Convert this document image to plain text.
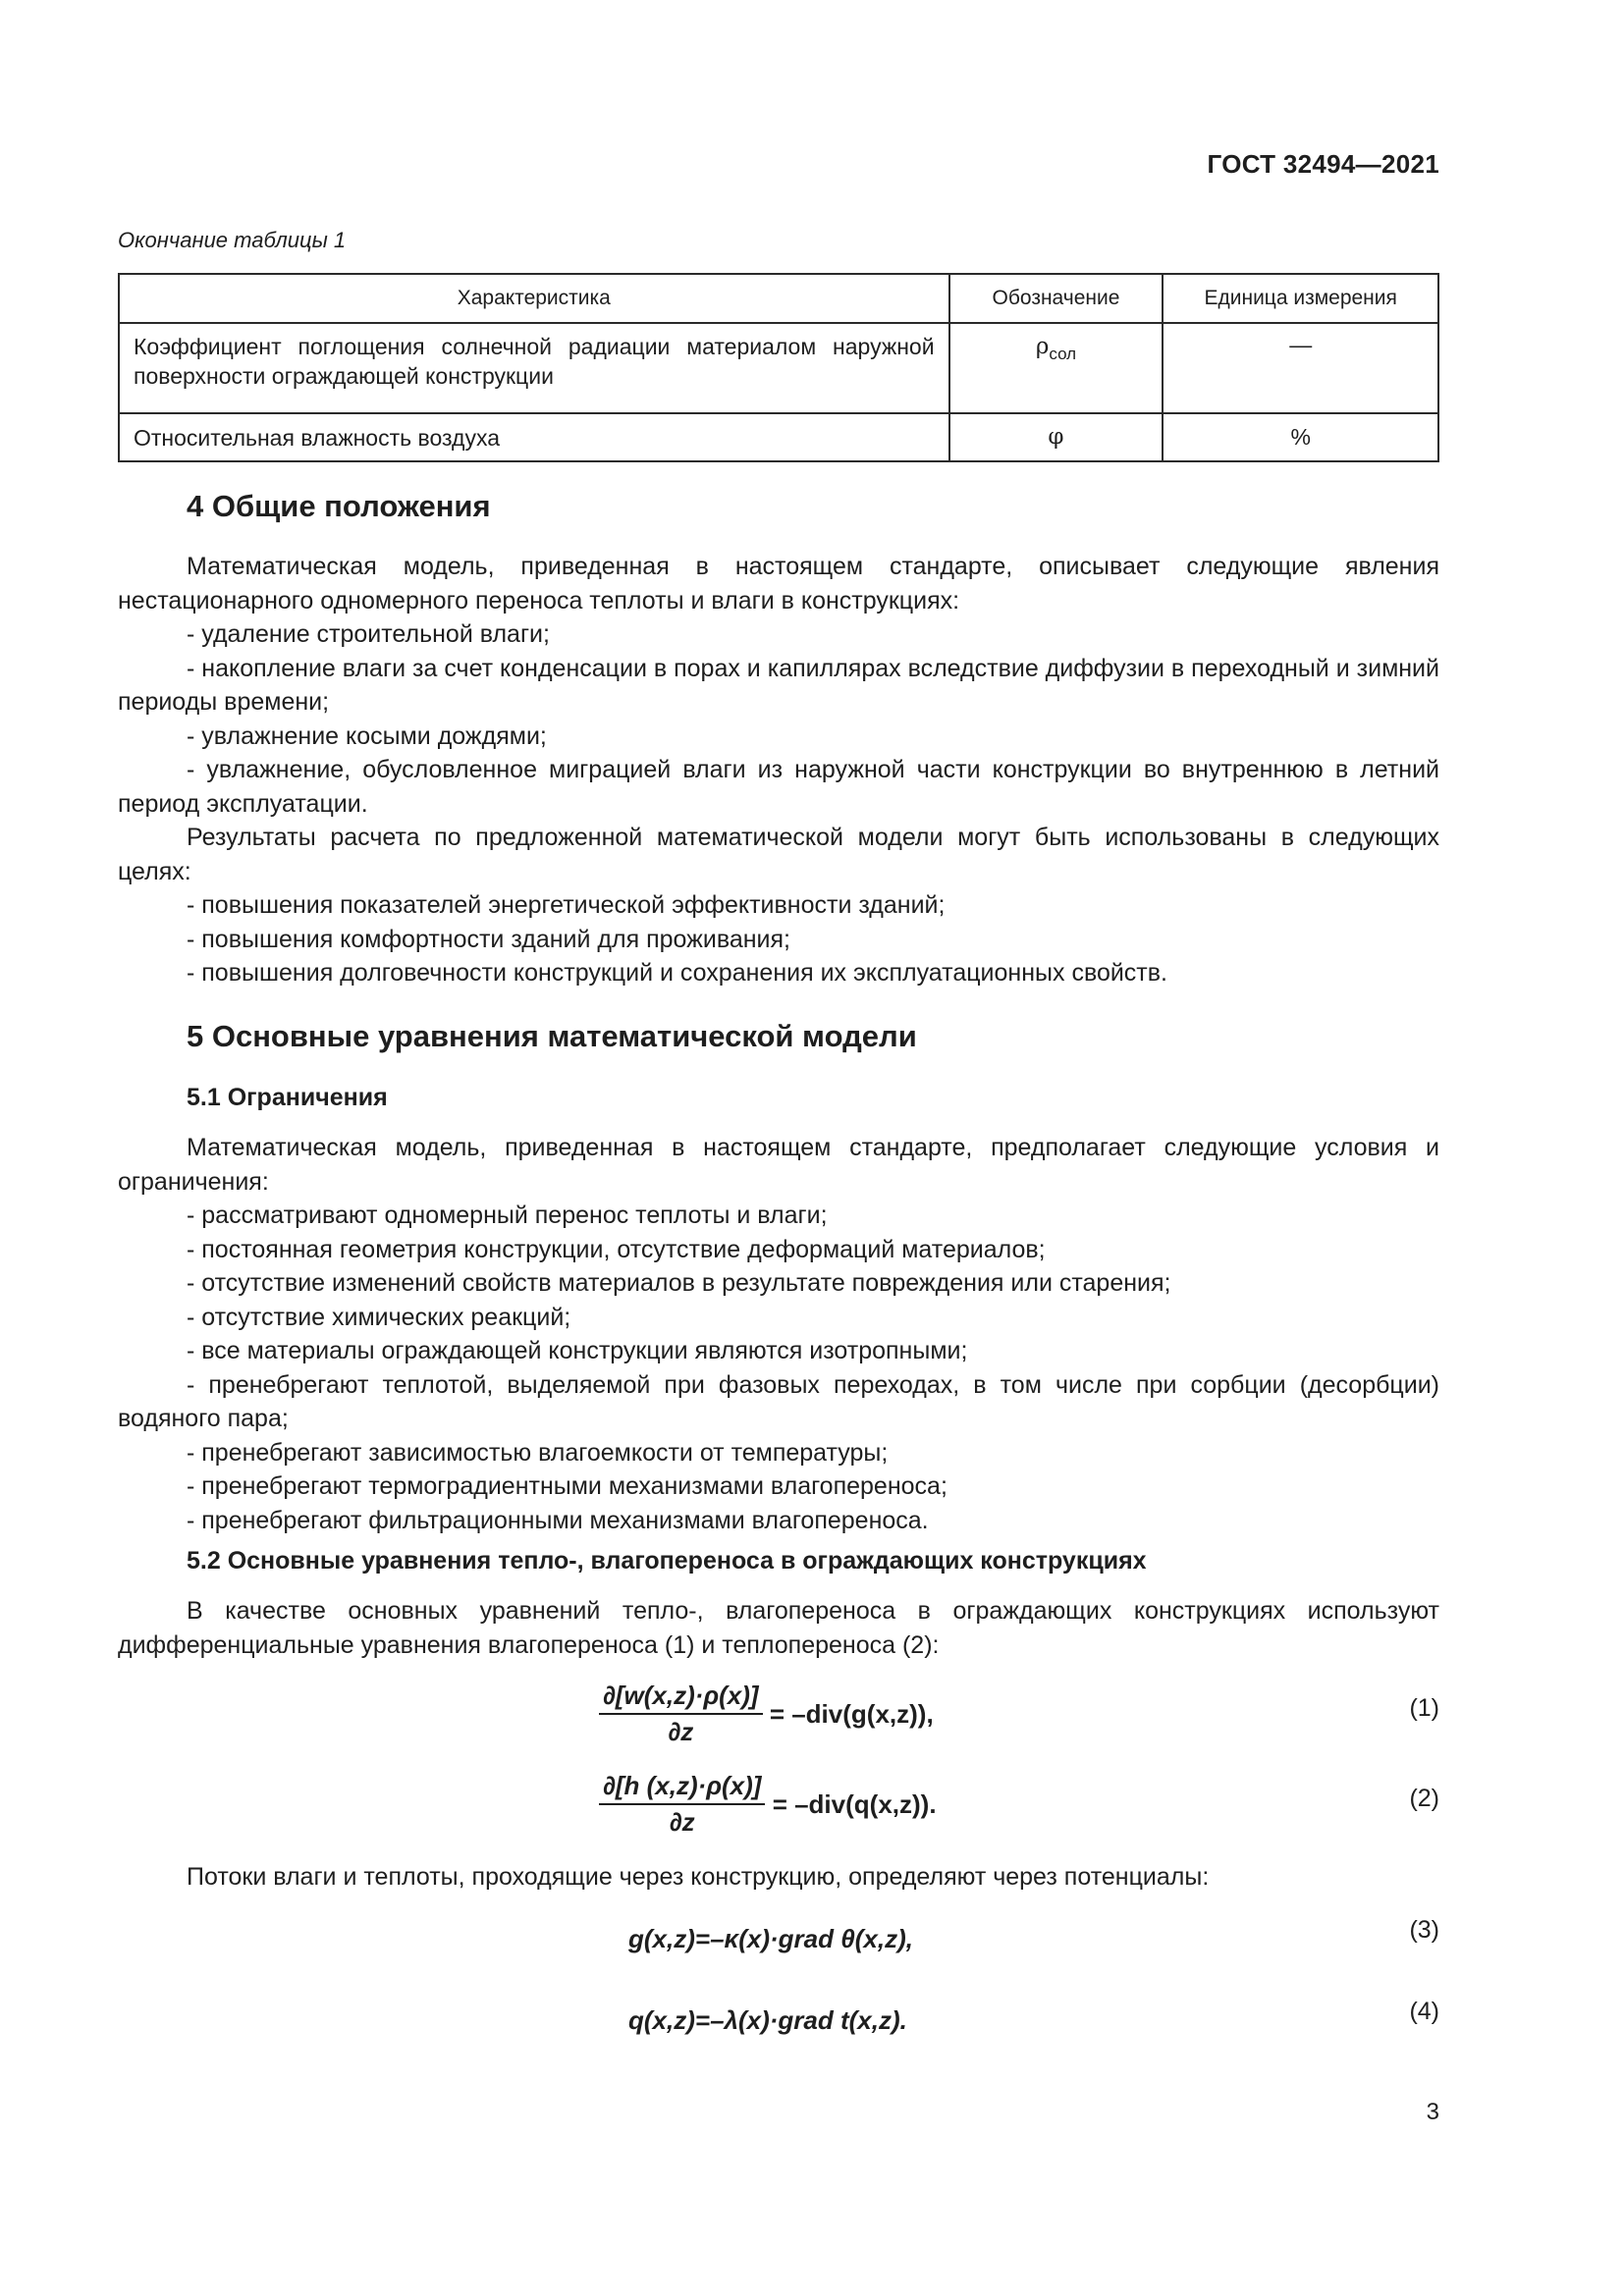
ГОСТ 32494—2021
Окончание таблицы 1
Характеристика	Обозначение	Единица измерения
Коэффициент поглощения солнечной радиации материалом наружной поверхности ограждающей конструкции	$\rho_{сол}$	—
Относительная влажность воздуха	φ	%
4 Общие положения
Математическая модель, приведенная в настоящем стандарте, описывает следующие явления нестационарного одномерного переноса теплоты и влаги в конструкциях:
- удаление строительной влаги;
- накопление влаги за счет конденсации в порах и капиллярах вследствие диффузии в переходный и зимний периоды времени;
- увлажнение косыми дождями;
- увлажнение, обусловленное миграцией влаги из наружной части конструкции во внутреннюю в летний период эксплуатации.
Результаты расчета по предложенной математической модели могут быть использованы в следующих целях:
- повышения показателей энергетической эффективности зданий;
- повышения комфортности зданий для проживания;
- повышения долговечности конструкций и сохранения их эксплуатационных свойств.
5 Основные уравнения математической модели
5.1 Ограничения
Математическая модель, приведенная в настоящем стандарте, предполагает следующие условия и ограничения:
- рассматривают одномерный перенос теплоты и влаги;
- постоянная геометрия конструкции, отсутствие деформаций материалов;
- отсутствие изменений свойств материалов в результате повреждения или старения;
- отсутствие химических реакций;
- все материалы ограждающей конструкции являются изотропными;
- пренебрегают теплотой, выделяемой при фазовых переходах, в том числе при сорбции (десорбции) водяного пара;
- пренебрегают зависимостью влагоемкости от температуры;
- пренебрегают термоградиентными механизмами влагопереноса;
- пренебрегают фильтрационными механизмами влагопереноса.
5.2 Основные уравнения тепло-, влагопереноса в ограждающих конструкциях
В качестве основных уравнений тепло-, влагопереноса в ограждающих конструкциях используют дифференциальные уравнения влагопереноса (1) и теплопереноса (2):
$\frac{\partial[w(x,z)\cdot\rho(x)]}{\partial z} = -div(g(x,z))$,	(1)
$\frac{\partial[h (x,z)\cdot\rho(x)]}{\partial z} = -div(q(x,z))$.	(2)
Потоки влаги и теплоты, проходящие через конструкцию, определяют через потенциалы:
g(x,z)=–κ(x)·grad θ(x,z),	(3)
q(x,z)=–λ(x)·grad t(x,z).	(4)
3
